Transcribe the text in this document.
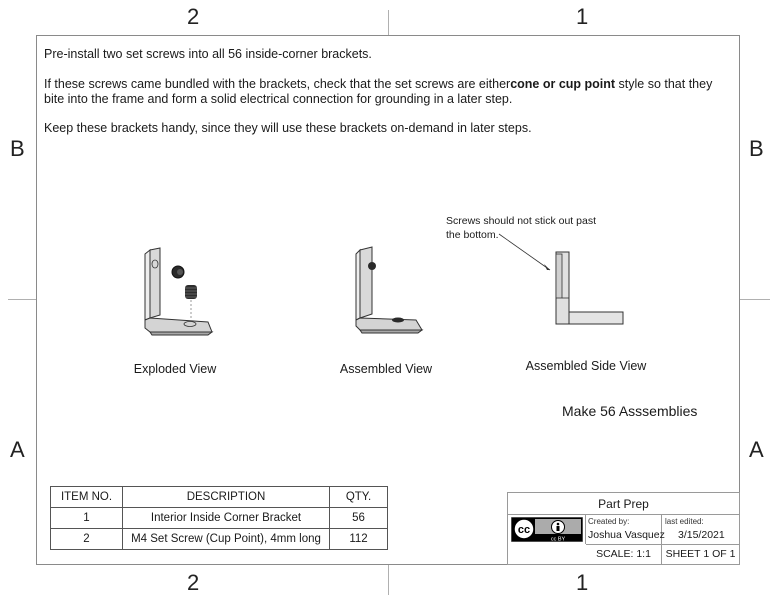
2	1
2	1
B
A
B
A
Pre-install two set screws into all 56 inside-corner brackets.
If these screws came bundled with the brackets, check that the set screws are eithercone or cup point style so that they bite into the frame and form a solid electrical connection for grounding in a later step.
Keep these brackets handy, since they will use these brackets on-demand in later steps.
Exploded View	Assembled View
Screws should not stick out past
the bottom.
Assembled Side View
Make 56 Asssemblies
ITEM NO.	DESCRIPTION	QTY.
1	Interior Inside Corner Bracket	56
2	M4 Set Screw (Cup Point), 4mm long	112
Part Prep
cc
cc BY
Created by:
Joshua Vasquez
last edited:
3/15/2021
SCALE: 1:1	SHEET 1 OF 1
